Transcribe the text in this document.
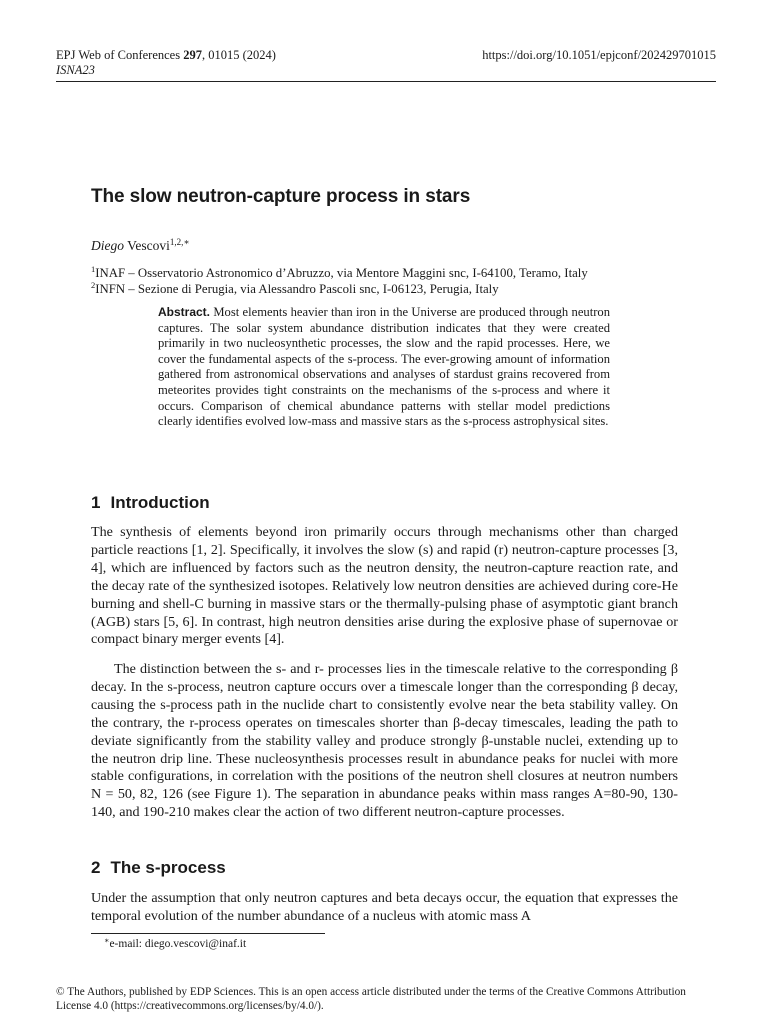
EPJ Web of Conferences 297, 01015 (2024)
ISNA23
https://doi.org/10.1051/epjconf/202429701015
The slow neutron-capture process in stars
Diego Vescovi$^{1,2,∗}$
$^1$INAF – Osservatorio Astronomico d’Abruzzo, via Mentore Maggini snc, I-64100, Teramo, Italy
$^2$INFN – Sezione di Perugia, via Alessandro Pascoli snc, I-06123, Perugia, Italy
Abstract. Most elements heavier than iron in the Universe are produced through neutron captures. The solar system abundance distribution indicates that they were created primarily in two nucleosynthetic processes, the slow and the rapid processes. Here, we cover the fundamental aspects of the s-process. The ever-growing amount of information gathered from astronomical observations and analyses of stardust grains recovered from meteorites provides tight constraints on the mechanisms of the s-process and where it occurs. Comparison of chemical abundance patterns with stellar model predictions clearly identifies evolved low-mass and massive stars as the s-process astrophysical sites.
1 Introduction
The synthesis of elements beyond iron primarily occurs through mechanisms other than charged particle reactions [1, 2]. Specifically, it involves the slow (s) and rapid (r) neutron-capture processes [3, 4], which are influenced by factors such as the neutron density, the neutron-capture reaction rate, and the decay rate of the synthesized isotopes. Relatively low neutron densities are achieved during core-He burning and shell-C burning in massive stars or the thermally-pulsing phase of asymptotic giant branch (AGB) stars [5, 6]. In contrast, high neutron densities arise during the explosive phase of supernovae or compact binary merger events [4].
The distinction between the s- and r- processes lies in the timescale relative to the corresponding β decay. In the s-process, neutron capture occurs over a timescale longer than the corresponding β decay, causing the s-process path in the nuclide chart to consistently evolve near the beta stability valley. On the contrary, the r-process operates on timescales shorter than β-decay timescales, leading the path to deviate significantly from the stability valley and produce strongly β-unstable nuclei, extending up to the neutron drip line. These nucleosynthesis processes result in abundance peaks for nuclei with more stable configurations, in correlation with the positions of the neutron shell closures at neutron numbers N = 50, 82, 126 (see Figure 1). The separation in abundance peaks within mass ranges A=80-90, 130-140, and 190-210 makes clear the action of two different neutron-capture processes.
2 The s-process
Under the assumption that only neutron captures and beta decays occur, the equation that expresses the temporal evolution of the number abundance of a nucleus with atomic mass A
∗e-mail: diego.vescovi@inaf.it
© The Authors, published by EDP Sciences. This is an open access article distributed under the terms of the Creative Commons Attribution License 4.0 (https://creativecommons.org/licenses/by/4.0/).
